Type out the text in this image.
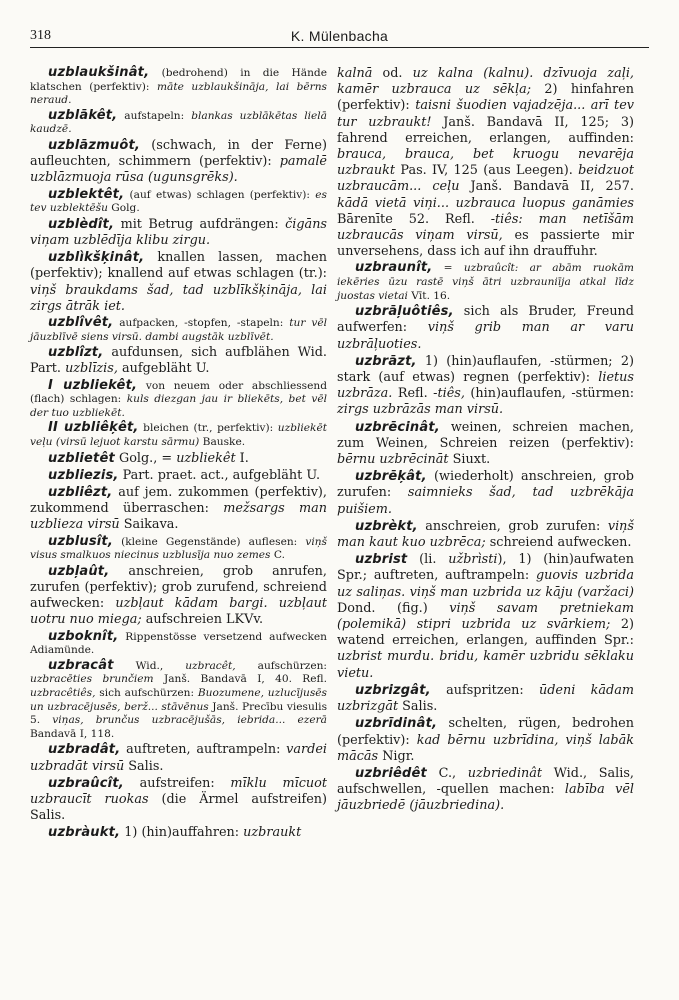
318	K. Mülenbacha

uzblaukšinât, (bedrohend) in die Hände klatschen (perfektiv): māte uzblaukšināja, lai bērns neraud.

uzblākêt, aufstapeln: blankas uzblākētas lielā kaudzē.

uzblāzmuôt, (schwach, in der Ferne) aufleuchten, schimmern (perfektiv): pamalē uzblāzmuoja rūsa (ugunsgrēks).

uzblektêt, (auf etwas) schlagen (perfektiv): es tev uzblektēšu Golg.

uzblèdît, mit Betrug aufdrängen: čigāns viņam uzblēdīja klibu zirgu.

uzblìkšķinât, knallen lassen, machen (perfektiv); knallend auf etwas schlagen (tr.): viņš braukdams šad, tad uzblīkšķināja, lai zirgs ātrāk iet.

uzblîvêt, aufpacken, -stopfen, -stapeln: tur vēl jāuzblīvē siens virsū. dambi augstāk uzblīvēt.

uzblîzt, aufdunsen, sich aufblähen Wid. Part. uzblīzis, aufgebläht U.

I uzbliekêt, von neuem oder abschliessend (flach) schlagen: kuls diezgan jau ir bliekēts, bet vēl der tuo uzbliekēt.

II uzbliêķêt, bleichen (tr., perfektiv): uzbliekēt veļu (virsū lejuot karstu sārmu) Bauske.

uzblietêt Golg., = uzbliekêt I.

uzbliezis, Part. praet. act., aufgebläht U.

uzbliêzt, auf jem. zukommen (perfektiv), zukommend überraschen: mežsargs man uzblieza virsū Saikava.

uzblusît, (kleine Gegenstände) auflesen: viņš visus smalkuos niecinus uzblusīja nuo zemes C.

uzbļaût, anschreien, grob anrufen, zurufen (perfektiv); grob zurufend, schreiend aufwecken: uzbļaut kādam bargi. uzbļaut uotru nuo miega; aufschreien LKVv.

uzboknît, Rippenstösse versetzend aufwecken Adiamünde.

uzbracât Wid., uzbracêt, aufschürzen: uzbracēties brunčiem Janš. Bandavā I, 40. Refl. uzbracêtiês, sich aufschürzen: Buozumene, uzlucījusēs un uzbracējusēs, berž... stāvēnus Janš. Precību viesulis 5. viņas, brunčus uzbracējušās, iebrida... ezerā Bandavā I, 118.

uzbradât, auftreten, auftrampeln: vardei uzbradāt virsū Salis.

uzbraûcît, aufstreifen: mīklu mīcuot uzbraucīt ruokas (die Ärmel aufstreifen) Salis.

uzbràukt, 1) (hin)auffahren: uzbraukt

kalnā od. uz kalna (kalnu). dzīvuoja zaļi, kamēr uzbrauca uz sēkļa; 2) hinfahren (perfektiv): taisni šuodien vajadzēja... arī tev tur uzbraukt! Janš. Bandavā II, 125; 3) fahrend erreichen, erlangen, auffinden: brauca, brauca, bet kruogu nevarēja uzbraukt Pas. IV, 125 (aus Leegen). beidzuot uzbraucām... ceļu Janš. Bandavā II, 257. kādā vietā viņi... uzbrauca luopus ganāmies Bārenīte 52. Refl. -tiês: man netīšām uzbraucās viņam virsū, es passierte mir unversehens, dass ich auf ihn drauffuhr.

uzbraunît, = uzbraûcît: ar abām ruokām iekēries ūzu rastē viņš ātri uzbrauniīja atkal līdz juostas vietai Vīt. 16.

uzbrāļuôtiês, sich als Bruder, Freund aufwerfen: viņš grib man ar varu uzbrāļuoties.

uzbrāzt, 1) (hin)auflaufen, -stürmen; 2) stark (auf etwas) regnen (perfektiv): lietus uzbrāza. Refl. -tiês, (hin)auflaufen, -stürmen: zirgs uzbrāzās man virsū.

uzbrēcinât, weinen, schreien machen, zum Weinen, Schreien reizen (perfektiv): bērnu uzbrēcināt Siuxt.

uzbrēķât, (wiederholt) anschreien, grob zurufen: saimnieks šad, tad uzbrēkāja puišiem.

uzbrèkt, anschreien, grob zurufen: viņš man kaut kuo uzbrēca; schreiend aufwecken.

uzbrist (li. užbrìsti), 1) (hin)aufwaten Spr.; auftreten, auftrampeln: guovis uzbrida uz saliņas. viņš man uzbrida uz kāju (varžaci) Dond. (fig.) viņš savam pretniekam (polemikā) stipri uzbrida uz svārkiem; 2) watend erreichen, erlangen, auffinden Spr.: uzbrist murdu. bridu, kamēr uzbridu sēklaku vietu.

uzbrizgât, aufspritzen: ūdeni kādam uzbrizgāt Salis.

uzbrīdinât, schelten, rügen, bedrohen (perfektiv): kad bērnu uzbrīdina, viņš labāk mācās Nigr.

uzbriêdêt C., uzbriedinât Wid., Salis, aufschwellen, -quellen machen: labība vēl jāuzbriedē (jāuzbriedina).
